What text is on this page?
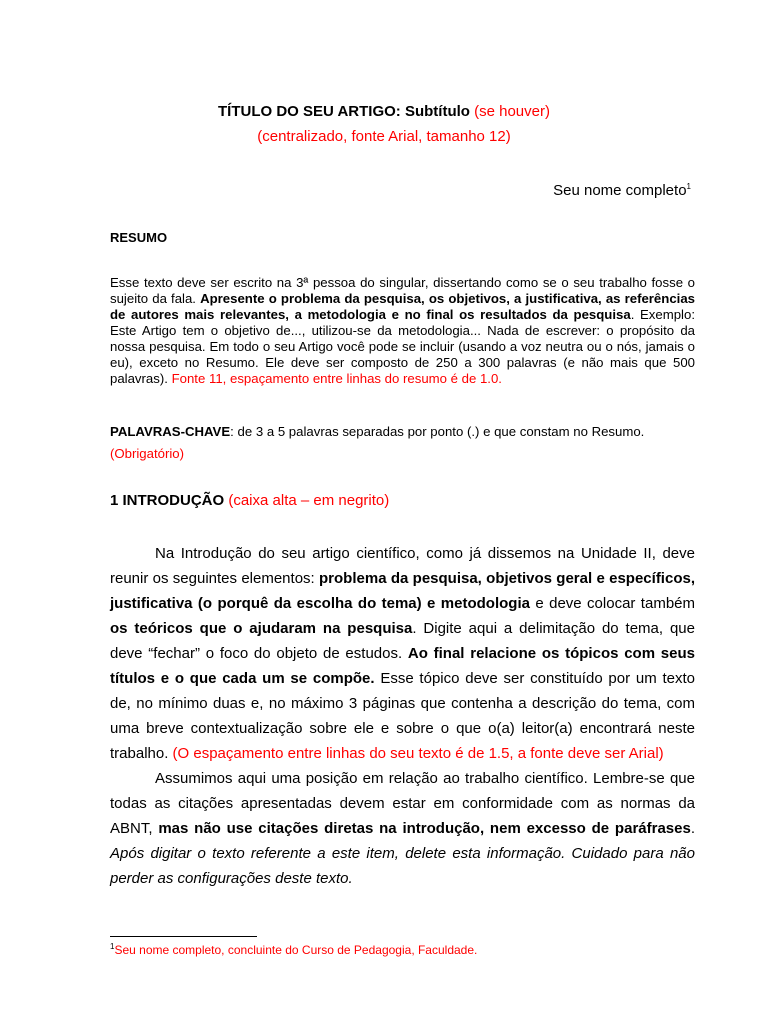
TÍTULO DO SEU ARTIGO: Subtítulo (se houver)
(centralizado, fonte Arial, tamanho 12)
Seu nome completo$^1$
RESUMO
Esse texto deve ser escrito na 3ª pessoa do singular, dissertando como se o seu trabalho fosse o sujeito da fala. Apresente o problema da pesquisa, os objetivos, a justificativa, as referências de autores mais relevantes, a metodologia e no final os resultados da pesquisa. Exemplo: Este Artigo tem o objetivo de..., utilizou-se da metodologia... Nada de escrever: o propósito da nossa pesquisa. Em todo o seu Artigo você pode se incluir (usando a voz neutra ou o nós, jamais o eu), exceto no Resumo. Ele deve ser composto de 250 a 300 palavras (e não mais que 500 palavras). Fonte 11, espaçamento entre linhas do resumo é de 1.0.
PALAVRAS-CHAVE: de 3 a 5 palavras separadas por ponto (.) e que constam no Resumo.
(Obrigatório)
1 INTRODUÇÃO (caixa alta – em negrito)

Na Introdução do seu artigo científico, como já dissemos na Unidade II, deve reunir os seguintes elementos: problema da pesquisa, objetivos geral e específicos, justificativa (o porquê da escolha do tema) e metodologia e deve colocar também os teóricos que o ajudaram na pesquisa. Digite aqui a delimitação do tema, que deve “fechar” o foco do objeto de estudos. Ao final relacione os tópicos com seus títulos e o que cada um se compõe. Esse tópico deve ser constituído por um texto de, no mínimo duas e, no máximo 3 páginas que contenha a descrição do tema, com uma breve contextualização sobre ele e sobre o que o(a) leitor(a) encontrará neste trabalho. (O espaçamento entre linhas do seu texto é de 1.5, a fonte deve ser Arial)

Assumimos aqui uma posição em relação ao trabalho científico. Lembre-se que todas as citações apresentadas devem estar em conformidade com as normas da ABNT, mas não use citações diretas na introdução, nem excesso de paráfrases. Após digitar o texto referente a este item, delete esta informação. Cuidado para não perder as configurações deste texto.

$^1$Seu nome completo, concluinte do Curso de Pedagogia, Faculdade.
